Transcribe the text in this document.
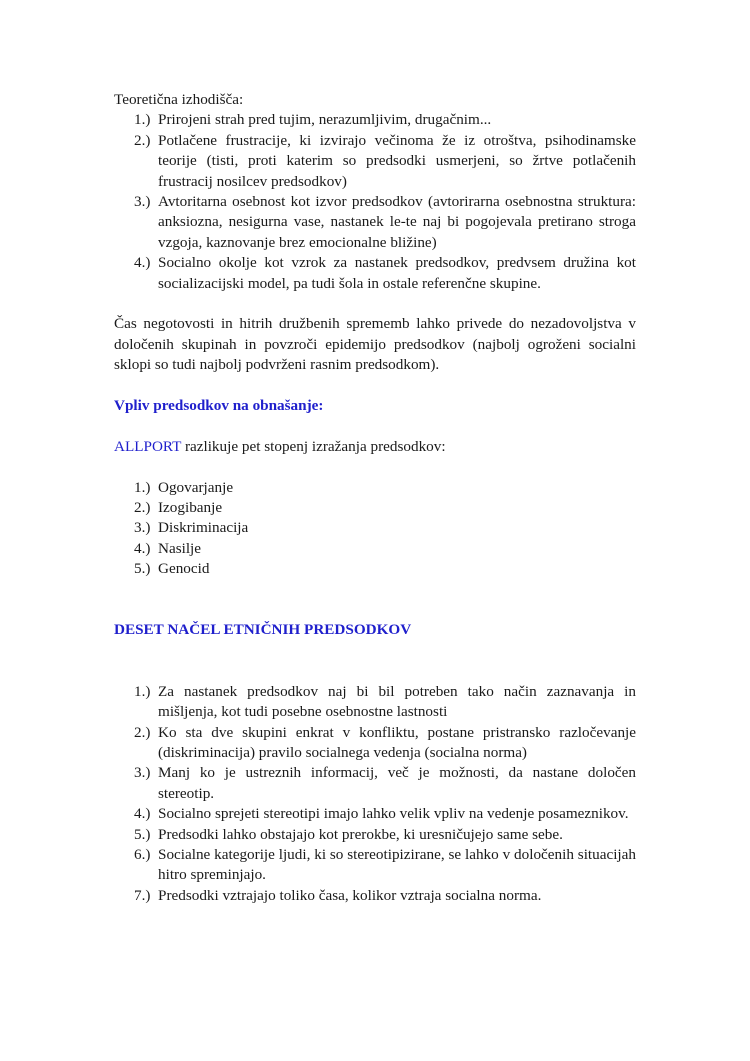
Teoretična izhodišča:
1.) Prirojeni strah pred tujim, nerazumljivim, drugačnim...
2.) Potlačene frustracije, ki izvirajo večinoma že iz otroštva, psihodinamske teorije (tisti, proti katerim so predsodki usmerjeni, so žrtve potlačenih frustracij nosilcev predsodkov)
3.) Avtoritarna osebnost kot izvor predsodkov (avtorirarna osebnostna struktura: anksiozna, nesigurna vase, nastanek le-te naj bi pogojevala pretirano stroga vzgoja, kaznovanje brez emocionalne bližine)
4.) Socialno okolje kot vzrok za nastanek predsodkov, predvsem družina kot socializacijski model, pa tudi šola in ostale referenčne skupine.

Čas negotovosti in hitrih družbenih sprememb lahko privede do nezadovoljstva v določenih skupinah in povzroči epidemijo predsodkov (najbolj ogroženi socialni sklopi so tudi najbolj podvrženi rasnim predsodkom).

Vpliv predsodkov na obnašanje:
ALLPORT razlikuje pet stopenj izražanja predsodkov:
1.) Ogovarjanje
2.) Izogibanje
3.) Diskriminacija
4.) Nasilje
5.) Genocid
DESET NAČEL ETNIČNIH PREDSODKOV
1.) Za nastanek predsodkov naj bi bil potreben tako način zaznavanja in mišljenja, kot tudi posebne osebnostne lastnosti
2.) Ko sta dve skupini enkrat v konfliktu, postane pristransko razločevanje (diskriminacija) pravilo socialnega vedenja (socialna norma)
3.) Manj ko je ustreznih informacij, več je možnosti, da nastane določen stereotip.
4.) Socialno sprejeti stereotipi imajo lahko velik vpliv na vedenje posameznikov.
5.) Predsodki lahko obstajajo kot prerokbe, ki uresničujejo same sebe.
6.) Socialne kategorije ljudi, ki so stereotipizirane, se lahko v določenih situacijah hitro spreminjajo.
7.) Predsodki vztrajajo toliko časa, kolikor vztraja socialna norma.
